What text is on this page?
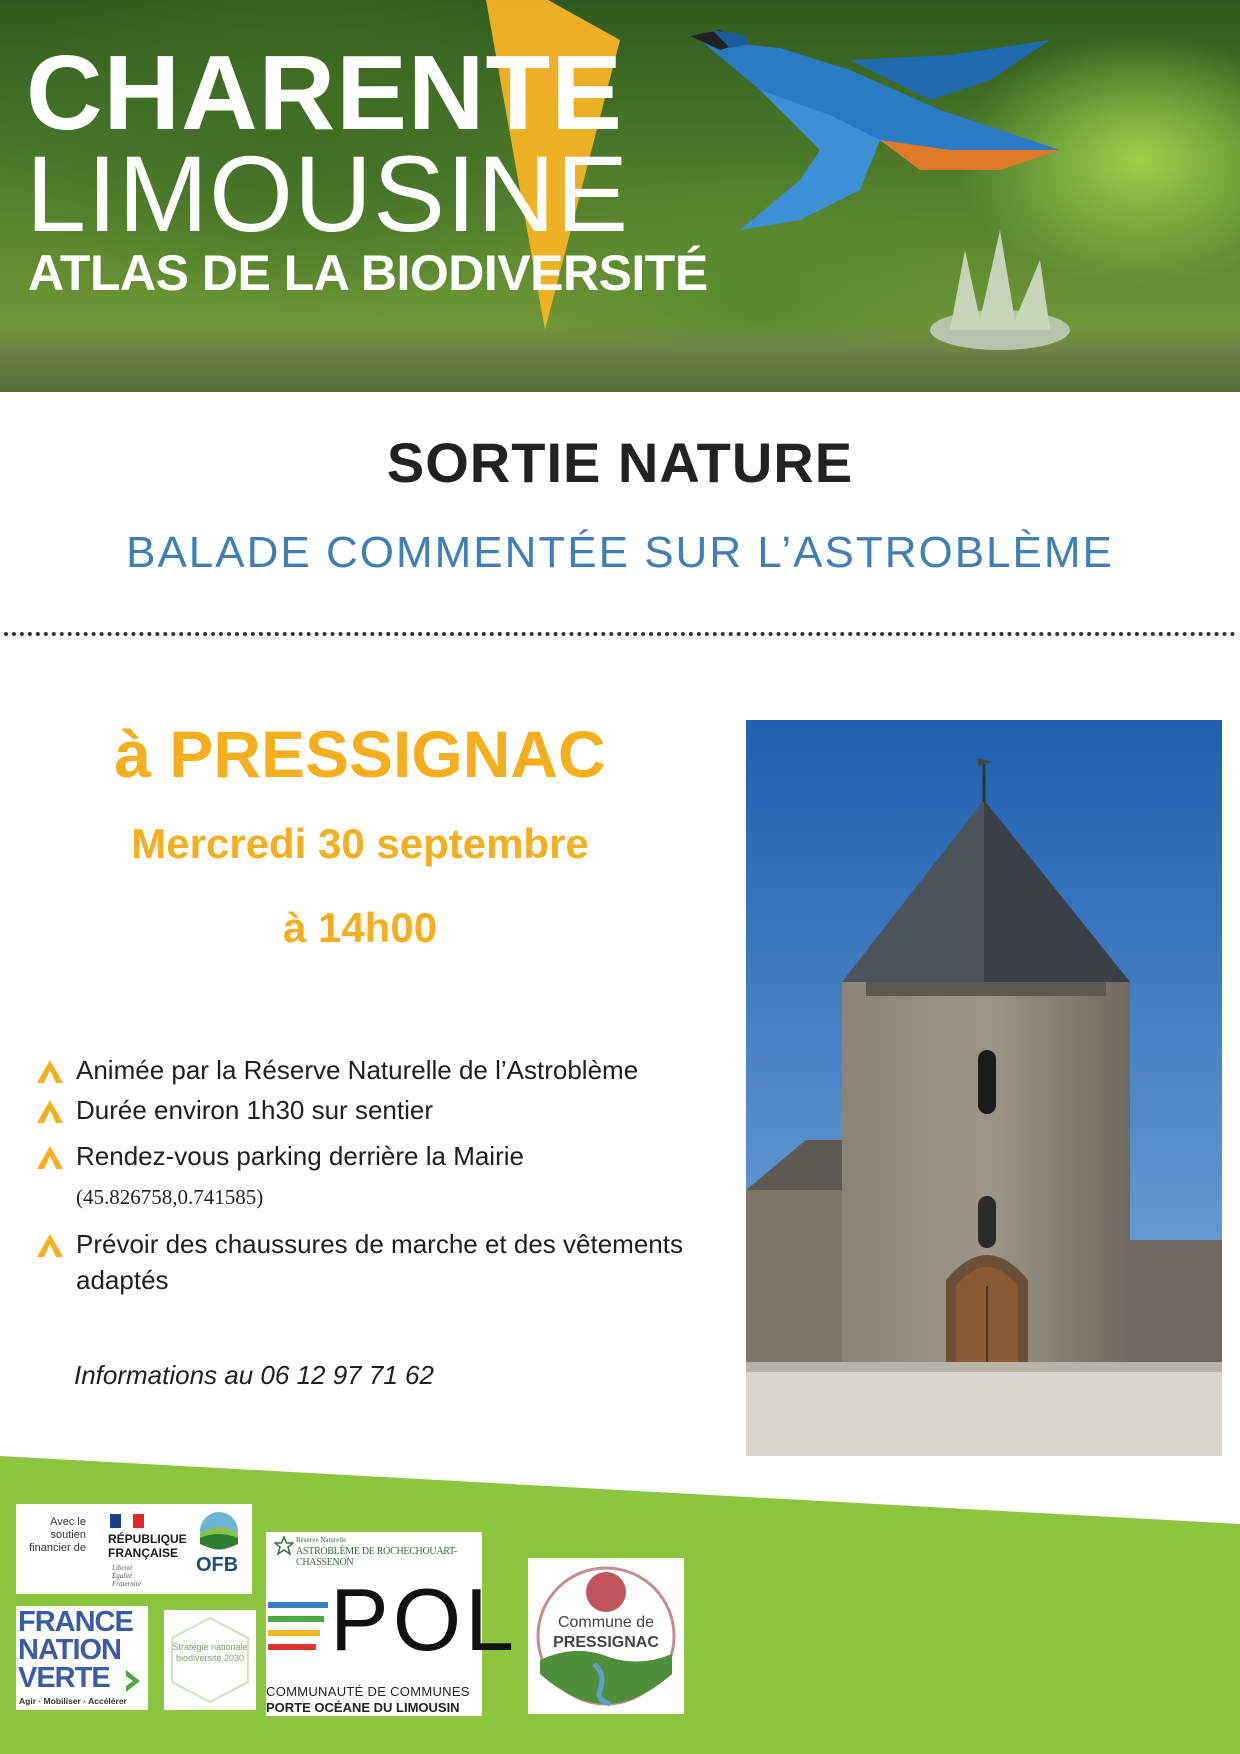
CHARENTE
LIMOUSINE
ATLAS DE LA BIODIVERSITÉ
SORTIE NATURE
BALADE COMMENTÉE SUR L’ASTROBLÈME
à PRESSIGNAC
Mercredi 30 septembre
à 14h00
Animée par la Réserve Naturelle de l’Astroblème
Durée environ 1h30 sur sentier
Rendez-vous parking derrière la Mairie
(45.826758,0.741585)
Prévoir des chaussures de marche et des vêtements adaptés
Informations au 06 12 97 71 62
Avec le soutien financier de
RÉPUBLIQUE FRANÇAISE
Liberté Égalité Fraternité
OFB
FRANCE
NATION
VERTE
Agir · Mobiliser · Accélérer
Stratégie nationale biodiversité 2030
Réserve Naturelle
ASTROBLÈME DE ROCHECHOUART-CHASSENON
POL
COMMUNAUTÉ DE COMMUNES
PORTE OCÉANE DU LIMOUSIN
Commune de
PRESSIGNAC
